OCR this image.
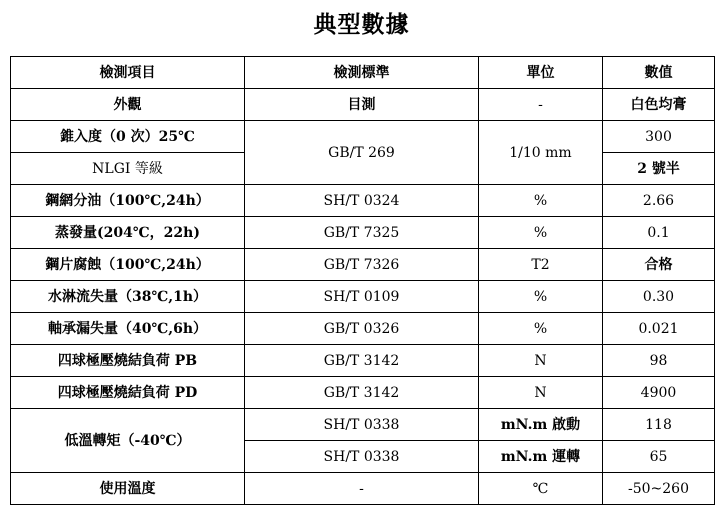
典型數據
檢測項目	檢測標準	單位	數值
外觀	目測	-	白色均膏
錐入度（0 次）25℃	GB/T 269	1/10 mm	300
NLGI 等級			2 號半
鋼網分油（100℃,24h）	SH/T 0324	%	2.66
蒸發量(204℃，22h)	GB/T 7325	%	0.1
鋼片腐蝕（100℃,24h）	GB/T 7326	T2	合格
水淋流失量（38℃,1h）	SH/T 0109	%	0.30
軸承漏失量（40℃,6h）	GB/T 0326	%	0.021
四球極壓燒結負荷 PB	GB/T 3142	N	98
四球極壓燒結負荷 PD	GB/T 3142	N	4900
低溫轉矩（-40℃）	SH/T 0338	mN.m 啟動	118
	SH/T 0338	mN.m 運轉	65
使用溫度	-	℃	-50~260
